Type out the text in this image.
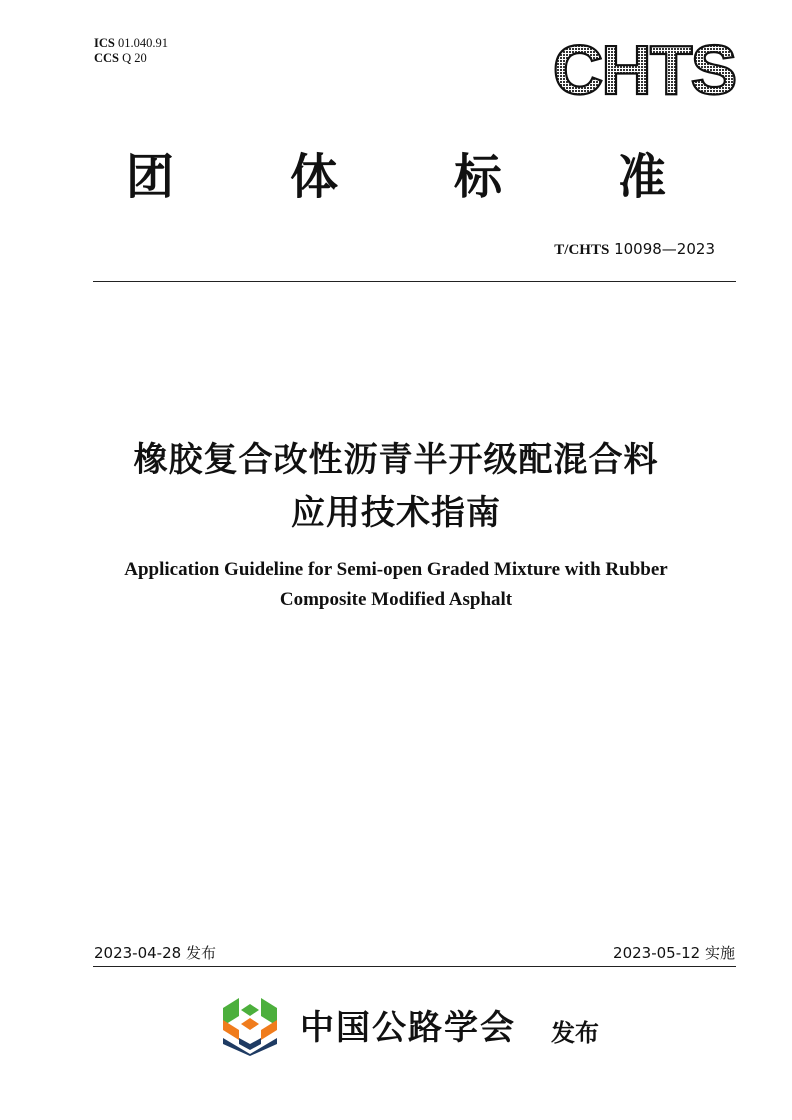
ICS 01.040.91
CCS Q 20	CHTS
团 体 标 准
T/CHTS 10098—2023
橡胶复合改性沥青半开级配混合料
应用技术指南
Application Guideline for Semi-open Graded Mixture with Rubber
Composite Modified Asphalt
2023-04-28 发布	2023-05-12 实施
中国公路学会 发布
